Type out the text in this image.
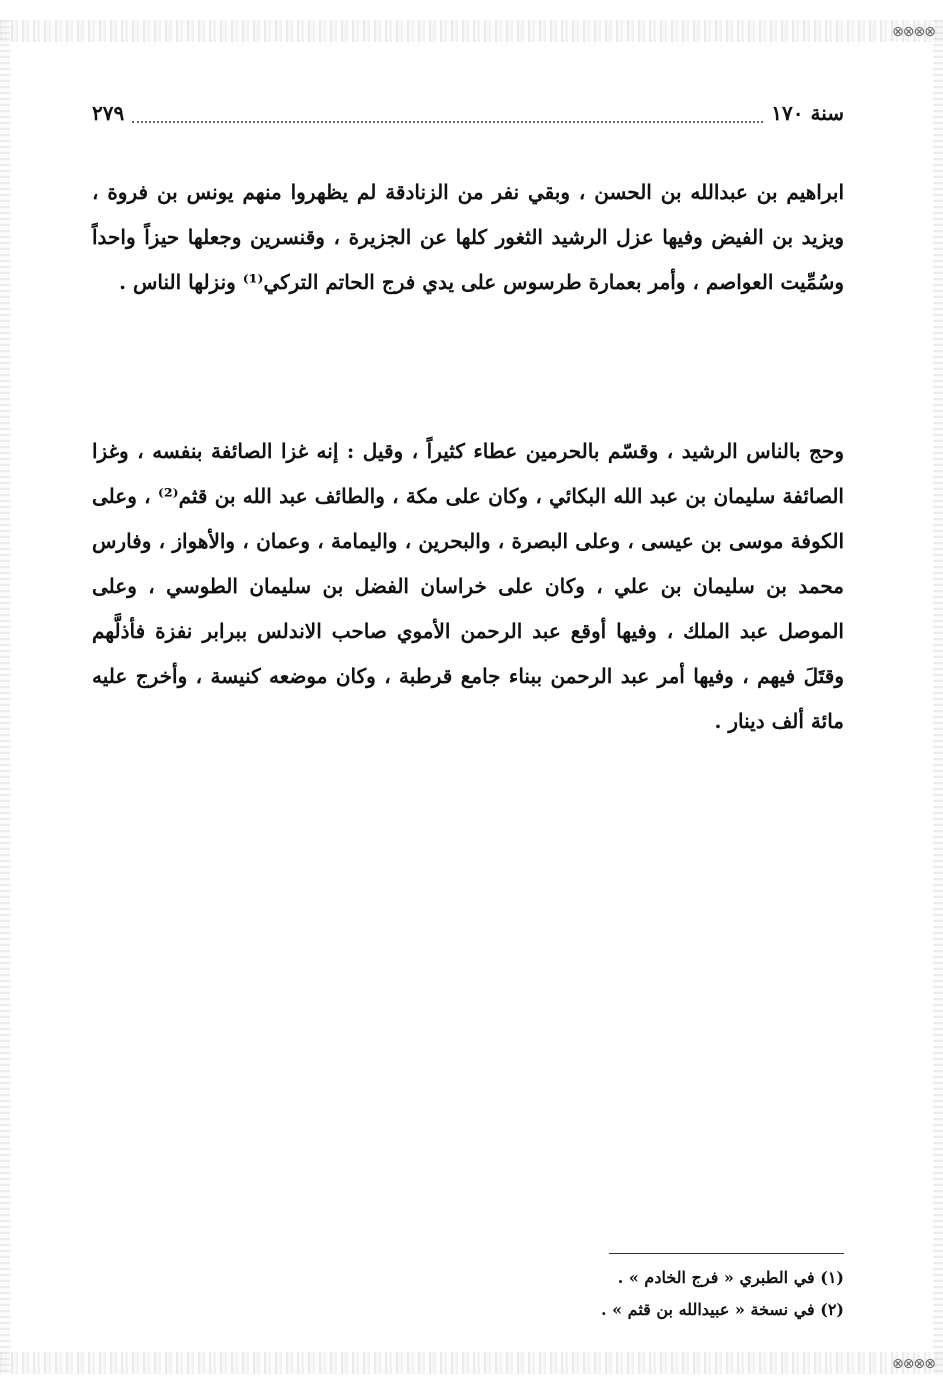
⊗⊗⊗⊗
⊗⊗⊗⊗
سنة ١٧٠
٢٧٩

ابراهيم بن عبدالله بن الحسن ، وبقي نفر من الزنادقة لم يظهروا منهم يونس بن فروة ، ويزيد بن الفيض وفيها عزل الرشيد الثغور كلها عن الجزيرة ، وقنسرين وجعلها حيزاً واحداً وسُمِّيت العواصم ، وأمر بعمارة طرسوس على يدي فرج الحاتم التركي⁽¹⁾ ونزلها الناس .

وحج بالناس الرشيد ، وقسّم بالحرمين عطاء كثيراً ، وقيل : إنه غزا الصائفة بنفسه ، وغزا الصائفة سليمان بن عبد الله البكائي ، وكان على مكة ، والطائف عبد الله بن قثم⁽²⁾ ، وعلى الكوفة موسى بن عيسى ، وعلى البصرة ، والبحرين ، واليمامة ، وعمان ، والأهواز ، وفارس محمد بن سليمان بن علي ، وكان على خراسان الفضل بن سليمان الطوسي ، وعلى الموصل عبد الملك ، وفيها أوقع عبد الرحمن الأموي صاحب الاندلس ببرابر نفزة فأذلَّهم وقتَلَ فيهم ، وفيها أمر عبد الرحمن ببناء جامع قرطبة ، وكان موضعه كنيسة ، وأخرج عليه مائة ألف دينار .

(١) في الطبري « فرج الخادم » .
(٢) في نسخة « عبيدالله بن قثم » .
